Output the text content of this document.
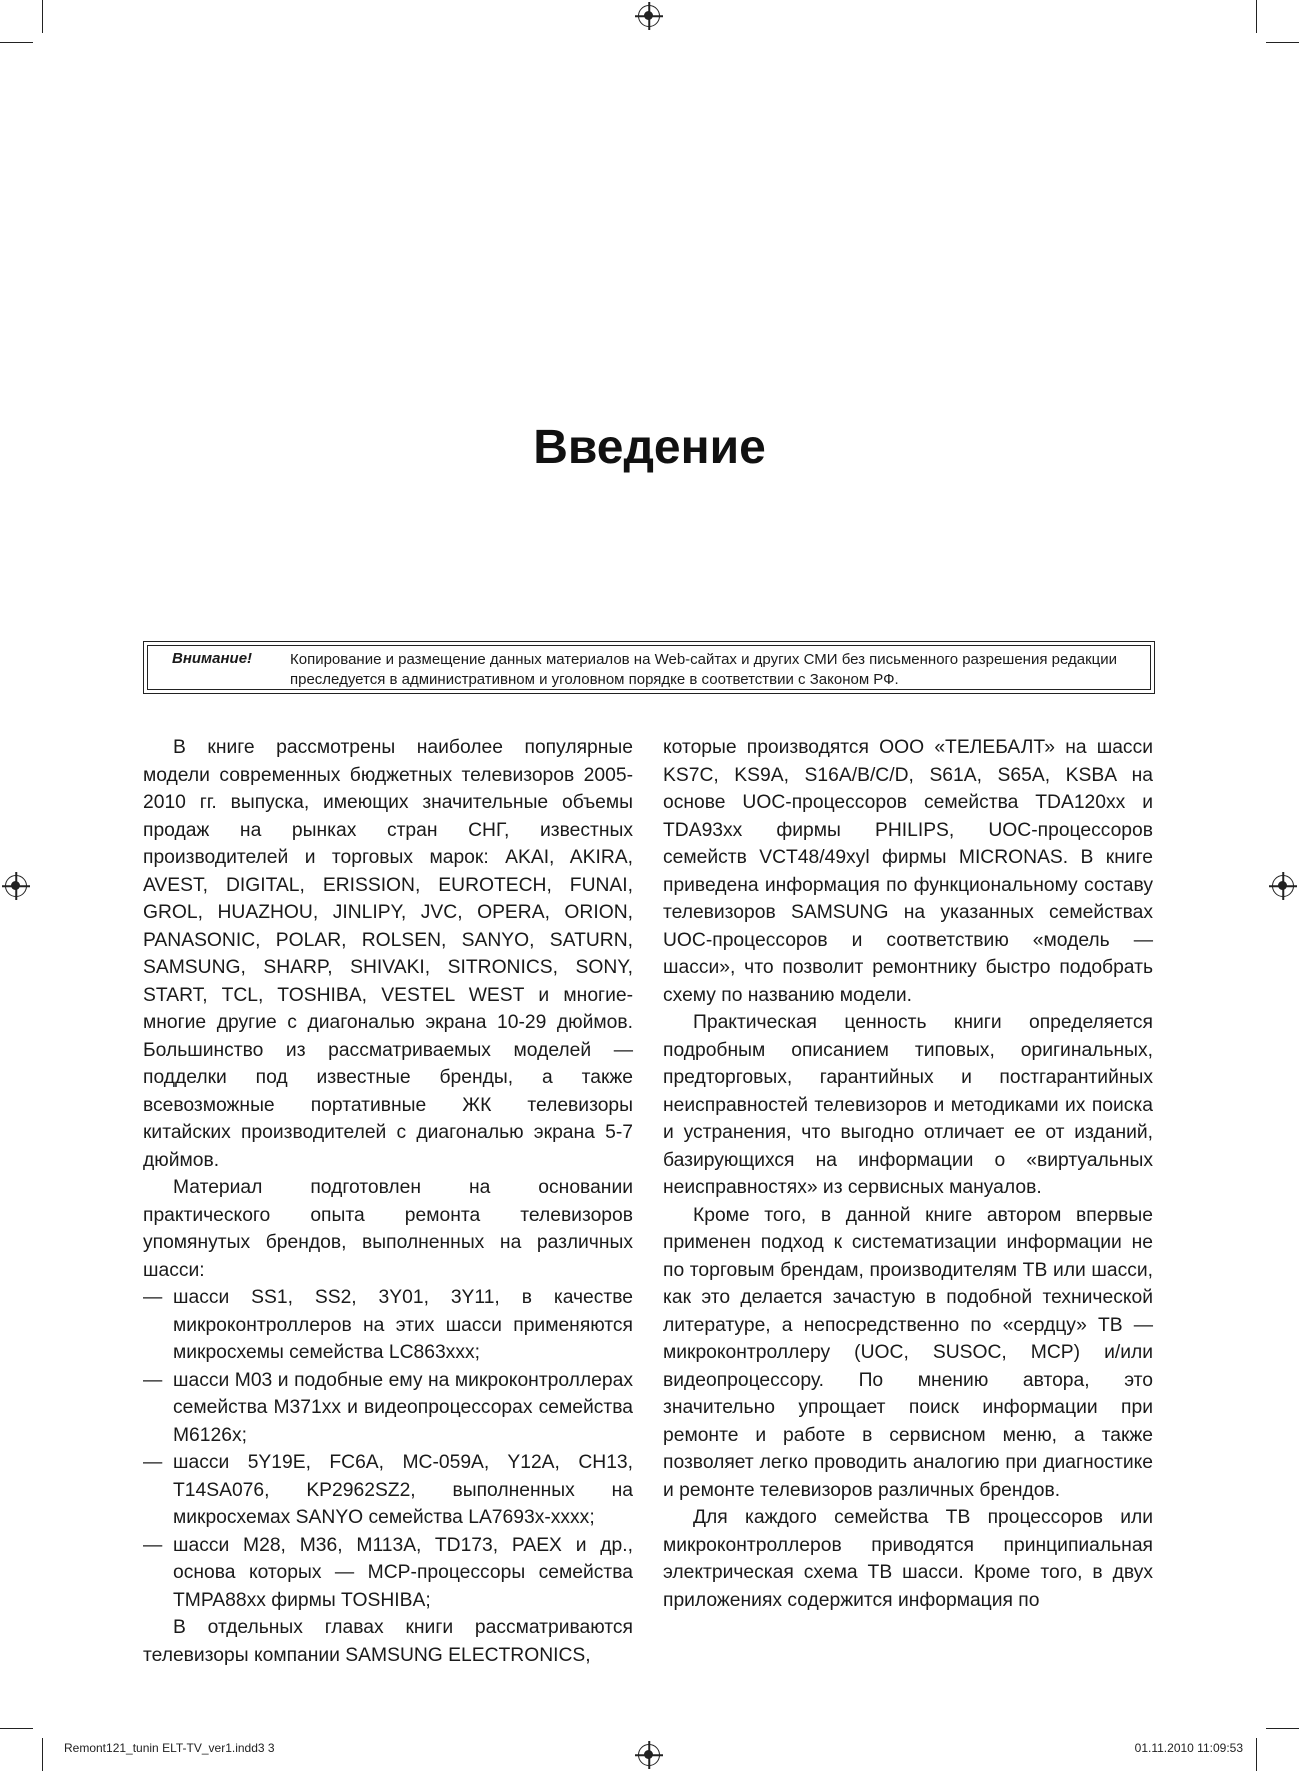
Введение
Внимание!	Копирование и размещение данных материалов на Web-сайтах и других СМИ без письменного разрешения редакции преследуется в административном и уголовном порядке в соответствии с Законом РФ.

В книге рассмотрены наиболее популярные модели современных бюджетных телевизоров 2005-2010 гг. выпуска, имеющих значительные объемы продаж на рынках стран СНГ, известных производителей и торговых марок: AKAI, AKIRA, AVEST, DIGITAL, ERISSION, EUROTECH, FUNAI, GROL, HUAZHOU, JINLIPY, JVC, OPERA, ORION, PANASONIC, POLAR, ROLSEN, SANYO, SATURN, SAMSUNG, SHARP, SHIVAKI, SITRONICS, SONY, START, TCL, TOSHIBA, VESTEL WEST и многие-многие другие с диагональю экрана 10-29 дюймов. Большинство из рассматриваемых моделей — подделки под известные бренды, а также всевозможные портативные ЖК телевизоры китайских производителей с диагональю экрана 5-7 дюймов.

Материал подготовлен на основании практического опыта ремонта телевизоров упомянутых брендов, выполненных на различных шасси:

— шасси SS1, SS2, 3Y01, 3Y11, в качестве микроконтроллеров на этих шасси применяются микросхемы семейства LC863xxx;
— шасси M03 и подобные ему на микроконтроллерах семейства M371xx и видеопроцессорах семейства M6126x;
— шасси 5Y19E, FC6A, MC-059A, Y12A, CH13, T14SA076, KP2962SZ2, выполненных на микросхемах SANYO семейства LA7693x-xxxx;
— шасси M28, M36, M113A, TD173, PAEX и др., основа которых — MCP-процессоры семейства TMPA88xx фирмы TOSHIBA;

В отдельных главах книги рассматриваются телевизоры компании SAMSUNG ELECTRONICS,

которые производятся ООО «ТЕЛЕБАЛТ» на шасси KS7C, KS9A, S16A/B/C/D, S61A, S65A, KSBA на основе UOC-процессоров семейства TDA120xx и TDA93xx фирмы PHILIPS, UOC-процессоров семейств VCT48/49xyl фирмы MICRONAS. В книге приведена информация по функциональному составу телевизоров SAMSUNG на указанных семействах UOC-процессоров и соответствию «модель — шасси», что позволит ремонтнику быстро подобрать схему по названию модели.

Практическая ценность книги определяется подробным описанием типовых, оригинальных, предторговых, гарантийных и постгарантийных неисправностей телевизоров и методиками их поиска и устранения, что выгодно отличает ее от изданий, базирующихся на информации о «виртуальных неисправностях» из сервисных мануалов.

Кроме того, в данной книге автором впервые применен подход к систематизации информации не по торговым брендам, производителям ТВ или шасси, как это делается зачастую в подобной технической литературе, а непосредственно по «сердцу» ТВ — микроконтроллеру (UOC, SUSOC, MCP) и/или видеопроцессору. По мнению автора, это значительно упрощает поиск информации при ремонте и работе в сервисном меню, а также позволяет легко проводить аналогию при диагностике и ремонте телевизоров различных брендов.

Для каждого семейства ТВ процессоров или микроконтроллеров приводятся принципиальная электрическая схема ТВ шасси. Кроме того, в двух приложениях содержится информация по

Remont121_tunin ELT-TV_ver1.indd3 3	01.11.2010 11:09:53
